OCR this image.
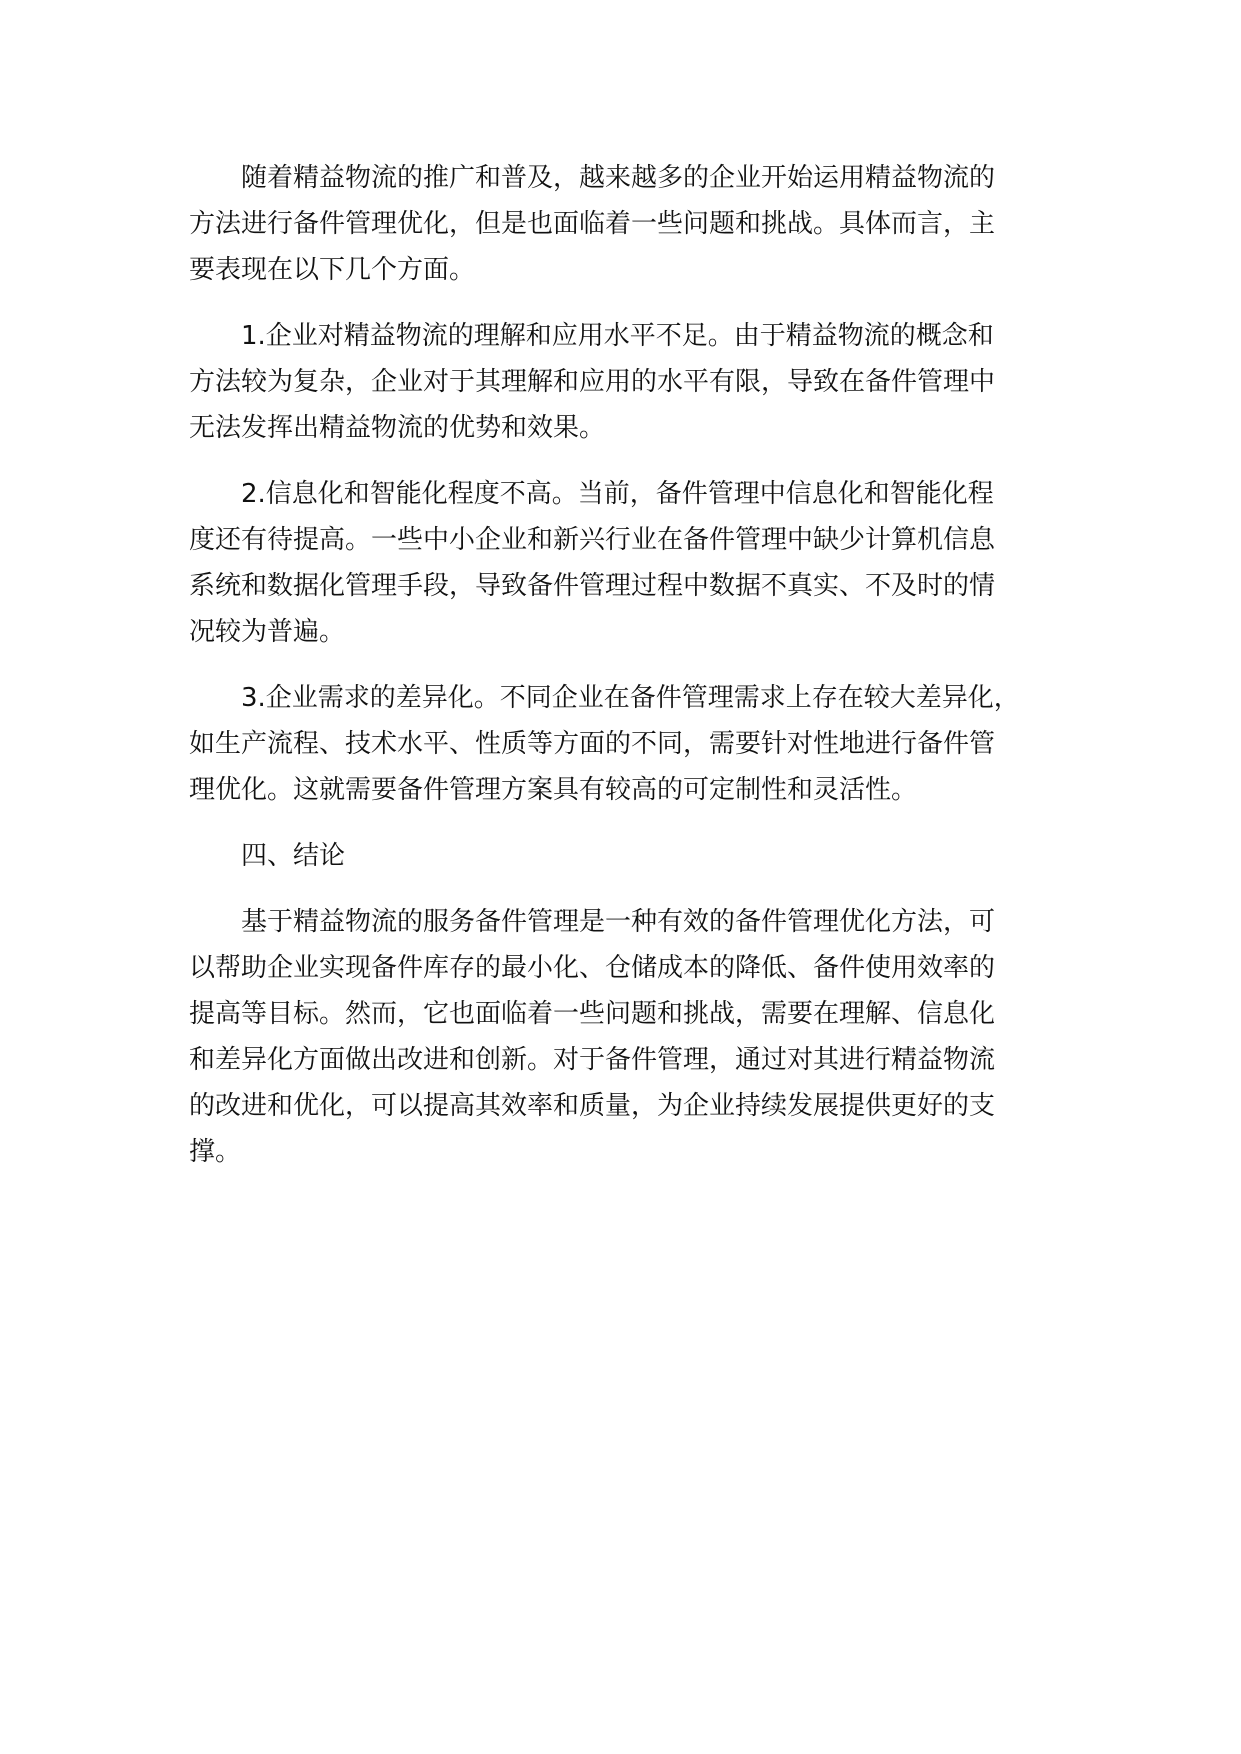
随着精益物流的推广和普及，越来越多的企业开始运用精益物流的
方法进行备件管理优化，但是也面临着一些问题和挑战。具体而言，主
要表现在以下几个方面。

1.企业对精益物流的理解和应用水平不足。由于精益物流的概念和
方法较为复杂，企业对于其理解和应用的水平有限，导致在备件管理中
无法发挥出精益物流的优势和效果。

2.信息化和智能化程度不高。当前，备件管理中信息化和智能化程
度还有待提高。一些中小企业和新兴行业在备件管理中缺少计算机信息
系统和数据化管理手段，导致备件管理过程中数据不真实、不及时的情
况较为普遍。

3.企业需求的差异化。不同企业在备件管理需求上存在较大差异化，
如生产流程、技术水平、性质等方面的不同，需要针对性地进行备件管
理优化。这就需要备件管理方案具有较高的可定制性和灵活性。

四、结论

基于精益物流的服务备件管理是一种有效的备件管理优化方法，可
以帮助企业实现备件库存的最小化、仓储成本的降低、备件使用效率的
提高等目标。然而，它也面临着一些问题和挑战，需要在理解、信息化
和差异化方面做出改进和创新。对于备件管理，通过对其进行精益物流
的改进和优化，可以提高其效率和质量，为企业持续发展提供更好的支
撑。
